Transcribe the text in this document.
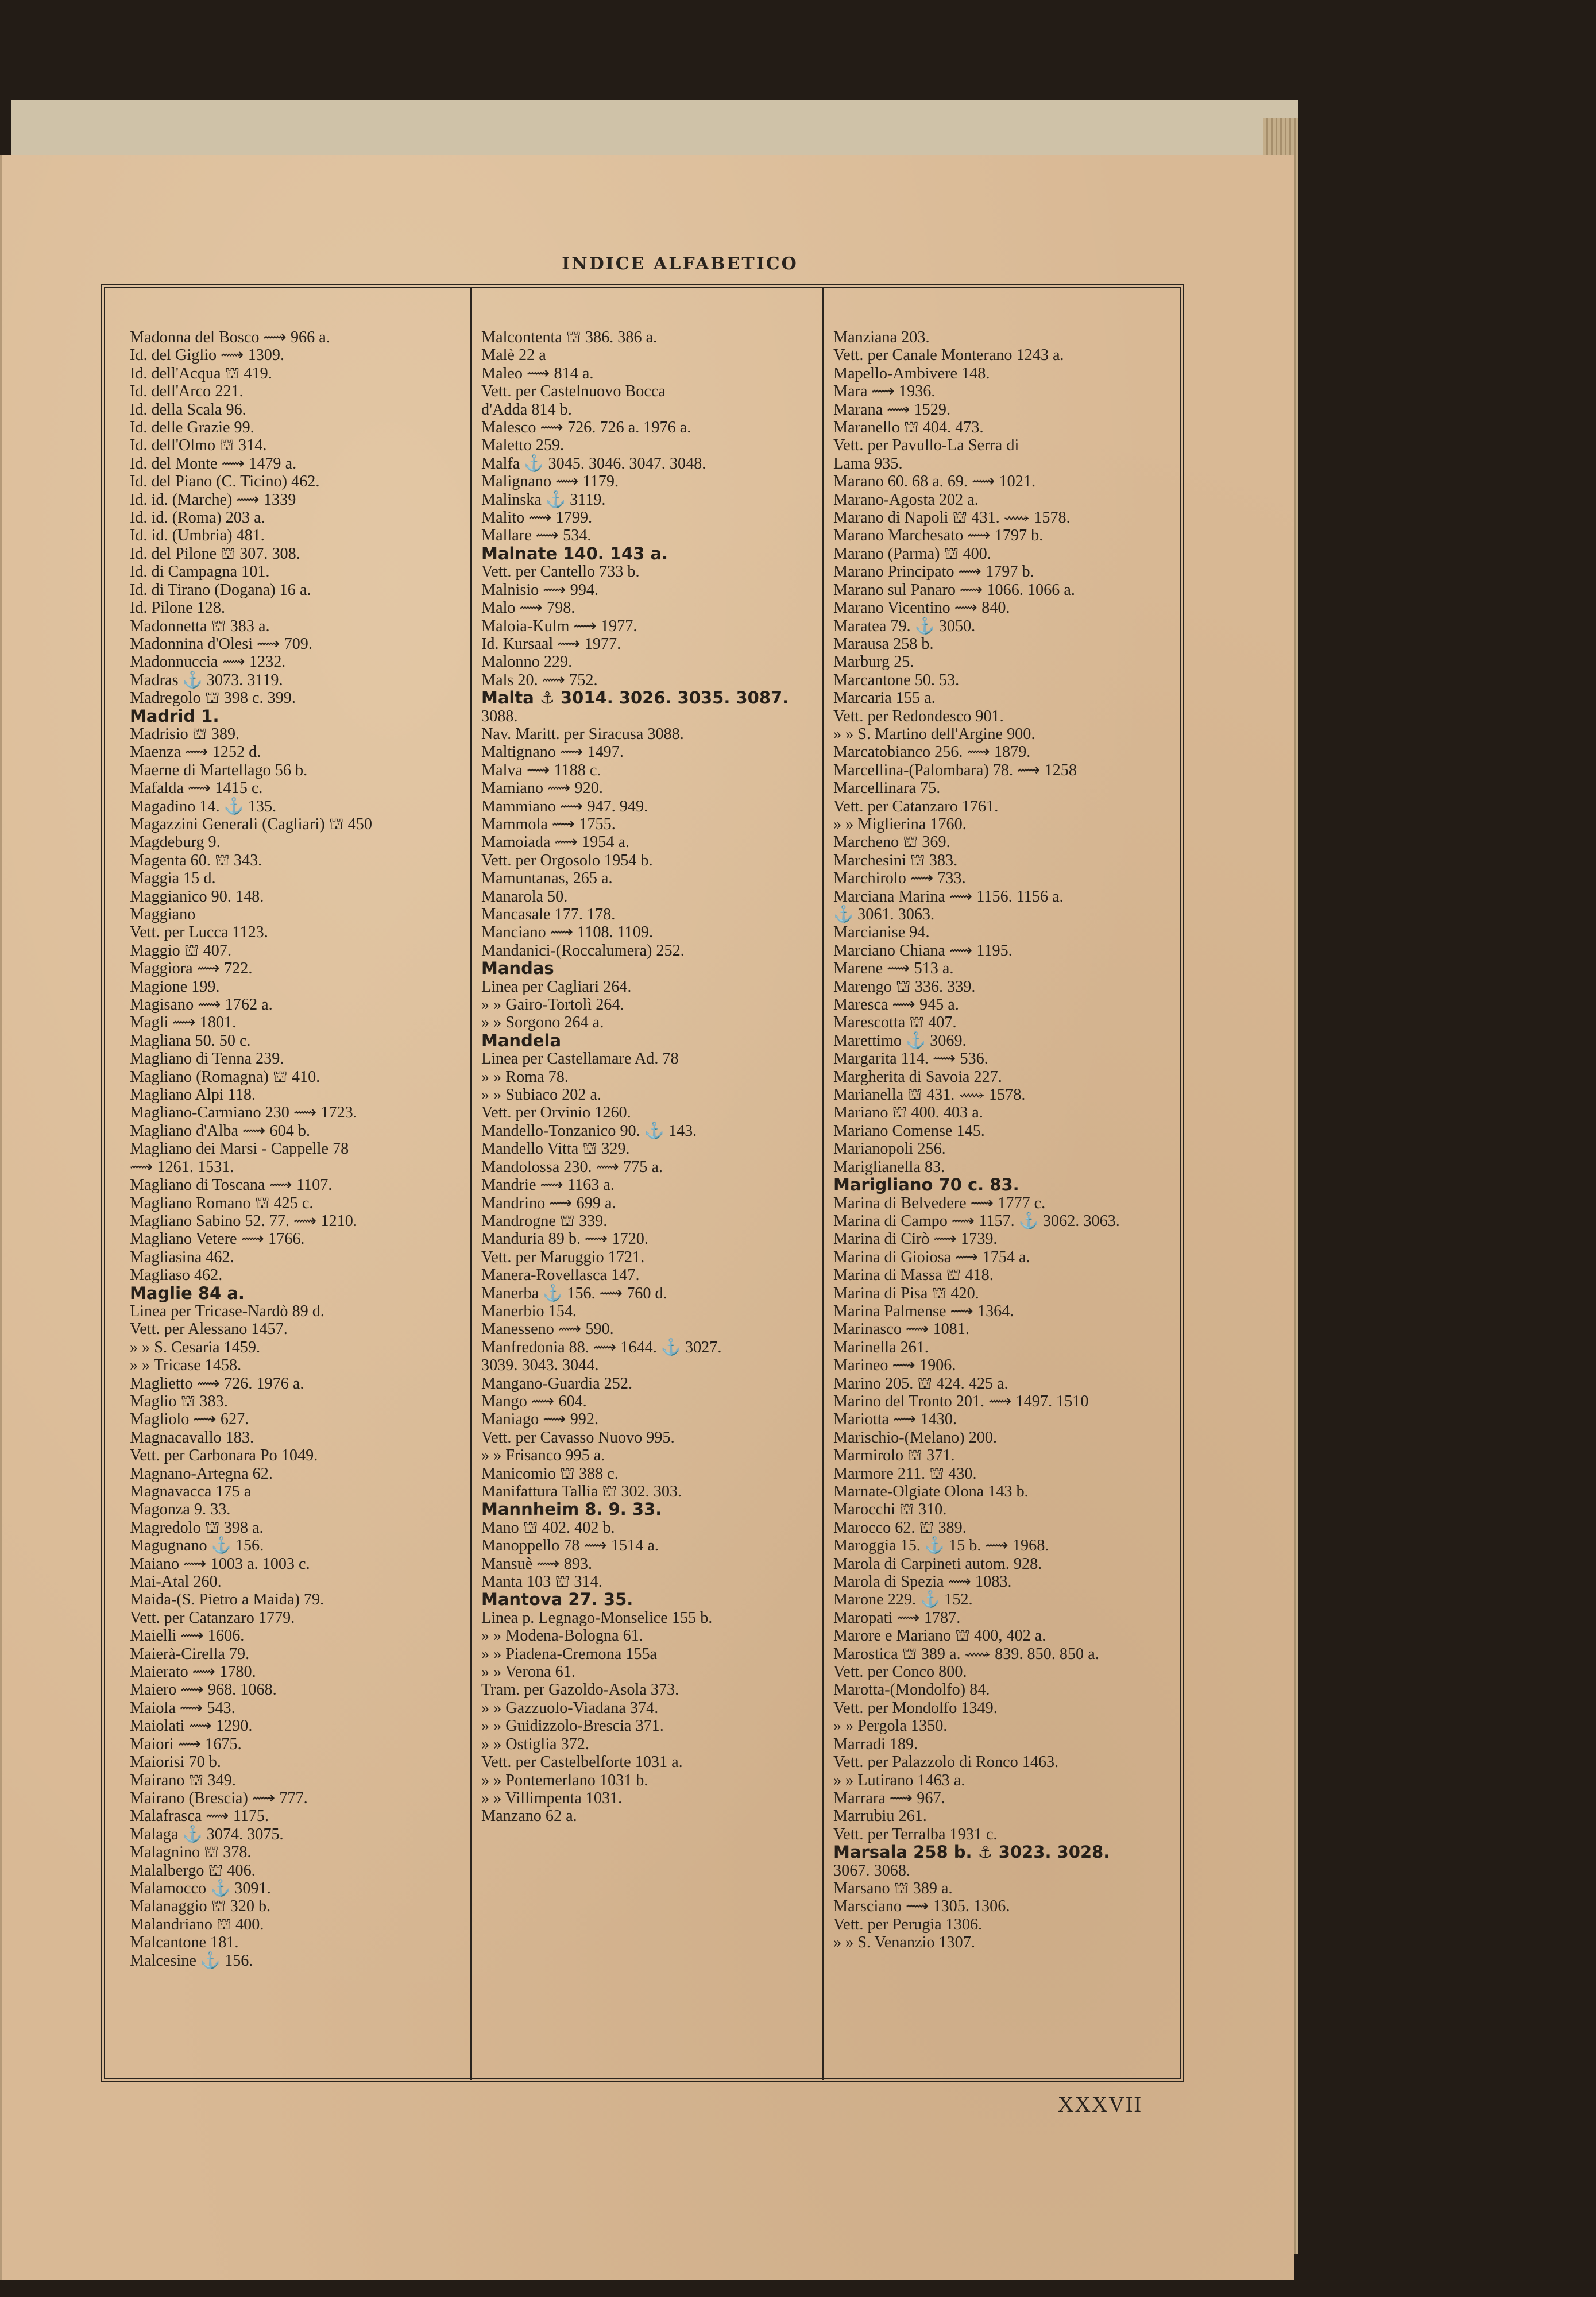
INDICE ALFABETICO
Madonna del Bosco ⟿ 966 a.
Id. del Giglio ⟿ 1309.
Id. dell'Acqua ⛫ 419.
Id. dell'Arco 221.
Id. della Scala 96.
Id. delle Grazie 99.
Id. dell'Olmo ⛫ 314.
Id. del Monte ⟿ 1479 a.
Id. del Piano (C. Ticino) 462.
Id. id. (Marche) ⟿ 1339
Id. id. (Roma) 203 a.
Id. id. (Umbria) 481.
Id. del Pilone ⛫ 307. 308.
Id. di Campagna 101.
Id. di Tirano (Dogana) 16 a.
Id. Pilone 128.
Madonnetta ⛫ 383 a.
Madonnina d'Olesi ⟿ 709.
Madonnuccia ⟿ 1232.
Madras ⚓ 3073. 3119.
Madregolo ⛫ 398 c. 399.
Madrid 1.
Madrisio ⛫ 389.
Maenza ⟿ 1252 d.
Maerne di Martellago 56 b.
Mafalda ⟿ 1415 c.
Magadino 14. ⚓ 135.
Magazzini Generali (Cagliari) ⛫ 450
Magdeburg 9.
Magenta 60. ⛫ 343.
Maggia 15 d.
Maggianico 90. 148.
Maggiano
Vett. per Lucca 1123.
Maggio ⛫ 407.
Maggiora ⟿ 722.
Magione 199.
Magisano ⟿ 1762 a.
Magli ⟿ 1801.
Magliana 50. 50 c.
Magliano di Tenna 239.
Magliano (Romagna) ⛫ 410.
Magliano Alpi 118.
Magliano-Carmiano 230 ⟿ 1723.
Magliano d'Alba ⟿ 604 b.
Magliano dei Marsi - Cappelle 78
⟿ 1261. 1531.
Magliano di Toscana ⟿ 1107.
Magliano Romano ⛫ 425 c.
Magliano Sabino 52. 77. ⟿ 1210.
Magliano Vetere ⟿ 1766.
Magliasina 462.
Magliaso 462.
Maglie 84 a.
Linea per Tricase-Nardò 89 d.
Vett. per Alessano 1457.
» » S. Cesaria 1459.
» » Tricase 1458.
Maglietto ⟿ 726. 1976 a.
Maglio ⛫ 383.
Magliolo ⟿ 627.
Magnacavallo 183.
Vett. per Carbonara Po 1049.
Magnano-Artegna 62.
Magnavacca 175 a
Magonza 9. 33.
Magredolo ⛫ 398 a.
Magugnano ⚓ 156.
Maiano ⟿ 1003 a. 1003 c.
Mai-Atal 260.
Maida-(S. Pietro a Maida) 79.
Vett. per Catanzaro 1779.
Maielli ⟿ 1606.
Maierà-Cirella 79.
Maierato ⟿ 1780.
Maiero ⟿ 968. 1068.
Maiola ⟿ 543.
Maiolati ⟿ 1290.
Maiori ⟿ 1675.
Maiorisi 70 b.
Mairano ⛫ 349.
Mairano (Brescia) ⟿ 777.
Malafrasca ⟿ 1175.
Malaga ⚓ 3074. 3075.
Malagnino ⛫ 378.
Malalbergo ⛫ 406.
Malamocco ⚓ 3091.
Malanaggio ⛫ 320 b.
Malandriano ⛫ 400.
Malcantone 181.
Malcesine ⚓ 156.
Malcontenta ⛫ 386. 386 a.
Malè 22 a
Maleo ⟿ 814 a.
Vett. per Castelnuovo Bocca
d'Adda 814 b.
Malesco ⟿ 726. 726 a. 1976 a.
Maletto 259.
Malfa ⚓ 3045. 3046. 3047. 3048.
Malignano ⟿ 1179.
Malinska ⚓ 3119.
Malito ⟿ 1799.
Mallare ⟿ 534.
Malnate 140. 143 a.
Vett. per Cantello 733 b.
Malnisio ⟿ 994.
Malo ⟿ 798.
Maloia-Kulm ⟿ 1977.
Id. Kursaal ⟿ 1977.
Malonno 229.
Mals 20. ⟿ 752.
Malta ⚓ 3014. 3026. 3035. 3087.
3088.
Nav. Maritt. per Siracusa 3088.
Maltignano ⟿ 1497.
Malva ⟿ 1188 c.
Mamiano ⟿ 920.
Mammiano ⟿ 947. 949.
Mammola ⟿ 1755.
Mamoiada ⟿ 1954 a.
Vett. per Orgosolo 1954 b.
Mamuntanas, 265 a.
Manarola 50.
Mancasale 177. 178.
Manciano ⟿ 1108. 1109.
Mandanici-(Roccalumera) 252.
Mandas
Linea per Cagliari 264.
» » Gairo-Tortolì 264.
» » Sorgono 264 a.
Mandela
Linea per Castellamare Ad. 78
» » Roma 78.
» » Subiaco 202 a.
Vett. per Orvinio 1260.
Mandello-Tonzanico 90. ⚓ 143.
Mandello Vitta ⛫ 329.
Mandolossa 230. ⟿ 775 a.
Mandrie ⟿ 1163 a.
Mandrino ⟿ 699 a.
Mandrogne ⛫ 339.
Manduria 89 b. ⟿ 1720.
Vett. per Maruggio 1721.
Manera-Rovellasca 147.
Manerba ⚓ 156. ⟿ 760 d.
Manerbio 154.
Manesseno ⟿ 590.
Manfredonia 88. ⟿ 1644. ⚓ 3027.
3039. 3043. 3044.
Mangano-Guardia 252.
Mango ⟿ 604.
Maniago ⟿ 992.
Vett. per Cavasso Nuovo 995.
» » Frisanco 995 a.
Manicomio ⛫ 388 c.
Manifattura Tallia ⛫ 302. 303.
Mannheim 8. 9. 33.
Mano ⛫ 402. 402 b.
Manoppello 78 ⟿ 1514 a.
Mansuè ⟿ 893.
Manta 103 ⛫ 314.
Mantova 27. 35.
Linea p. Legnago-Monselice 155 b.
» » Modena-Bologna 61.
» » Piadena-Cremona 155a
» » Verona 61.
Tram. per Gazoldo-Asola 373.
» » Gazzuolo-Viadana 374.
» » Guidizzolo-Brescia 371.
» » Ostiglia 372.
Vett. per Castelbelforte 1031 a.
» » Pontemerlano 1031 b.
» » Villimpenta 1031.
Manzano 62 a.
Manziana 203.
Vett. per Canale Monterano 1243 a.
Mapello-Ambivere 148.
Mara ⟿ 1936.
Marana ⟿ 1529.
Maranello ⛫ 404. 473.
Vett. per Pavullo-La Serra di
Lama 935.
Marano 60. 68 a. 69. ⟿ 1021.
Marano-Agosta 202 a.
Marano di Napoli ⛫ 431. ⟿ 1578.
Marano Marchesato ⟿ 1797 b.
Marano (Parma) ⛫ 400.
Marano Principato ⟿ 1797 b.
Marano sul Panaro ⟿ 1066. 1066 a.
Marano Vicentino ⟿ 840.
Maratea 79. ⚓ 3050.
Marausa 258 b.
Marburg 25.
Marcantone 50. 53.
Marcaria 155 a.
Vett. per Redondesco 901.
» » S. Martino dell'Argine 900.
Marcatobianco 256. ⟿ 1879.
Marcellina-(Palombara) 78. ⟿ 1258
Marcellinara 75.
Vett. per Catanzaro 1761.
» » Miglierina 1760.
Marcheno ⛫ 369.
Marchesini ⛫ 383.
Marchirolo ⟿ 733.
Marciana Marina ⟿ 1156. 1156 a.
⚓ 3061. 3063.
Marcianise 94.
Marciano Chiana ⟿ 1195.
Marene ⟿ 513 a.
Marengo ⛫ 336. 339.
Maresca ⟿ 945 a.
Marescotta ⛫ 407.
Marettimo ⚓ 3069.
Margarita 114. ⟿ 536.
Margherita di Savoia 227.
Marianella ⛫ 431. ⟿ 1578.
Mariano ⛫ 400. 403 a.
Mariano Comense 145.
Marianopoli 256.
Mariglianella 83.
Marigliano 70 c. 83.
Marina di Belvedere ⟿ 1777 c.
Marina di Campo ⟿ 1157. ⚓ 3062. 3063.
Marina di Cirò ⟿ 1739.
Marina di Gioiosa ⟿ 1754 a.
Marina di Massa ⛫ 418.
Marina di Pisa ⛫ 420.
Marina Palmense ⟿ 1364.
Marinasco ⟿ 1081.
Marinella 261.
Marineo ⟿ 1906.
Marino 205. ⛫ 424. 425 a.
Marino del Tronto 201. ⟿ 1497. 1510
Mariotta ⟿ 1430.
Marischio-(Melano) 200.
Marmirolo ⛫ 371.
Marmore 211. ⛫ 430.
Marnate-Olgiate Olona 143 b.
Marocchi ⛫ 310.
Marocco 62. ⛫ 389.
Maroggia 15. ⚓ 15 b. ⟿ 1968.
Marola di Carpineti autom. 928.
Marola di Spezia ⟿ 1083.
Marone 229. ⚓ 152.
Maropati ⟿ 1787.
Marore e Mariano ⛫ 400, 402 a.
Marostica ⛫ 389 a. ⟿ 839. 850. 850 a.
Vett. per Conco 800.
Marotta-(Mondolfo) 84.
Vett. per Mondolfo 1349.
» » Pergola 1350.
Marradi 189.
Vett. per Palazzolo di Ronco 1463.
» » Lutirano 1463 a.
Marrara ⟿ 967.
Marrubiu 261.
Vett. per Terralba 1931 c.
Marsala 258 b. ⚓ 3023. 3028.
3067. 3068.
Marsano ⛫ 389 a.
Marsciano ⟿ 1305. 1306.
Vett. per Perugia 1306.
» » S. Venanzio 1307.
XXXVII
